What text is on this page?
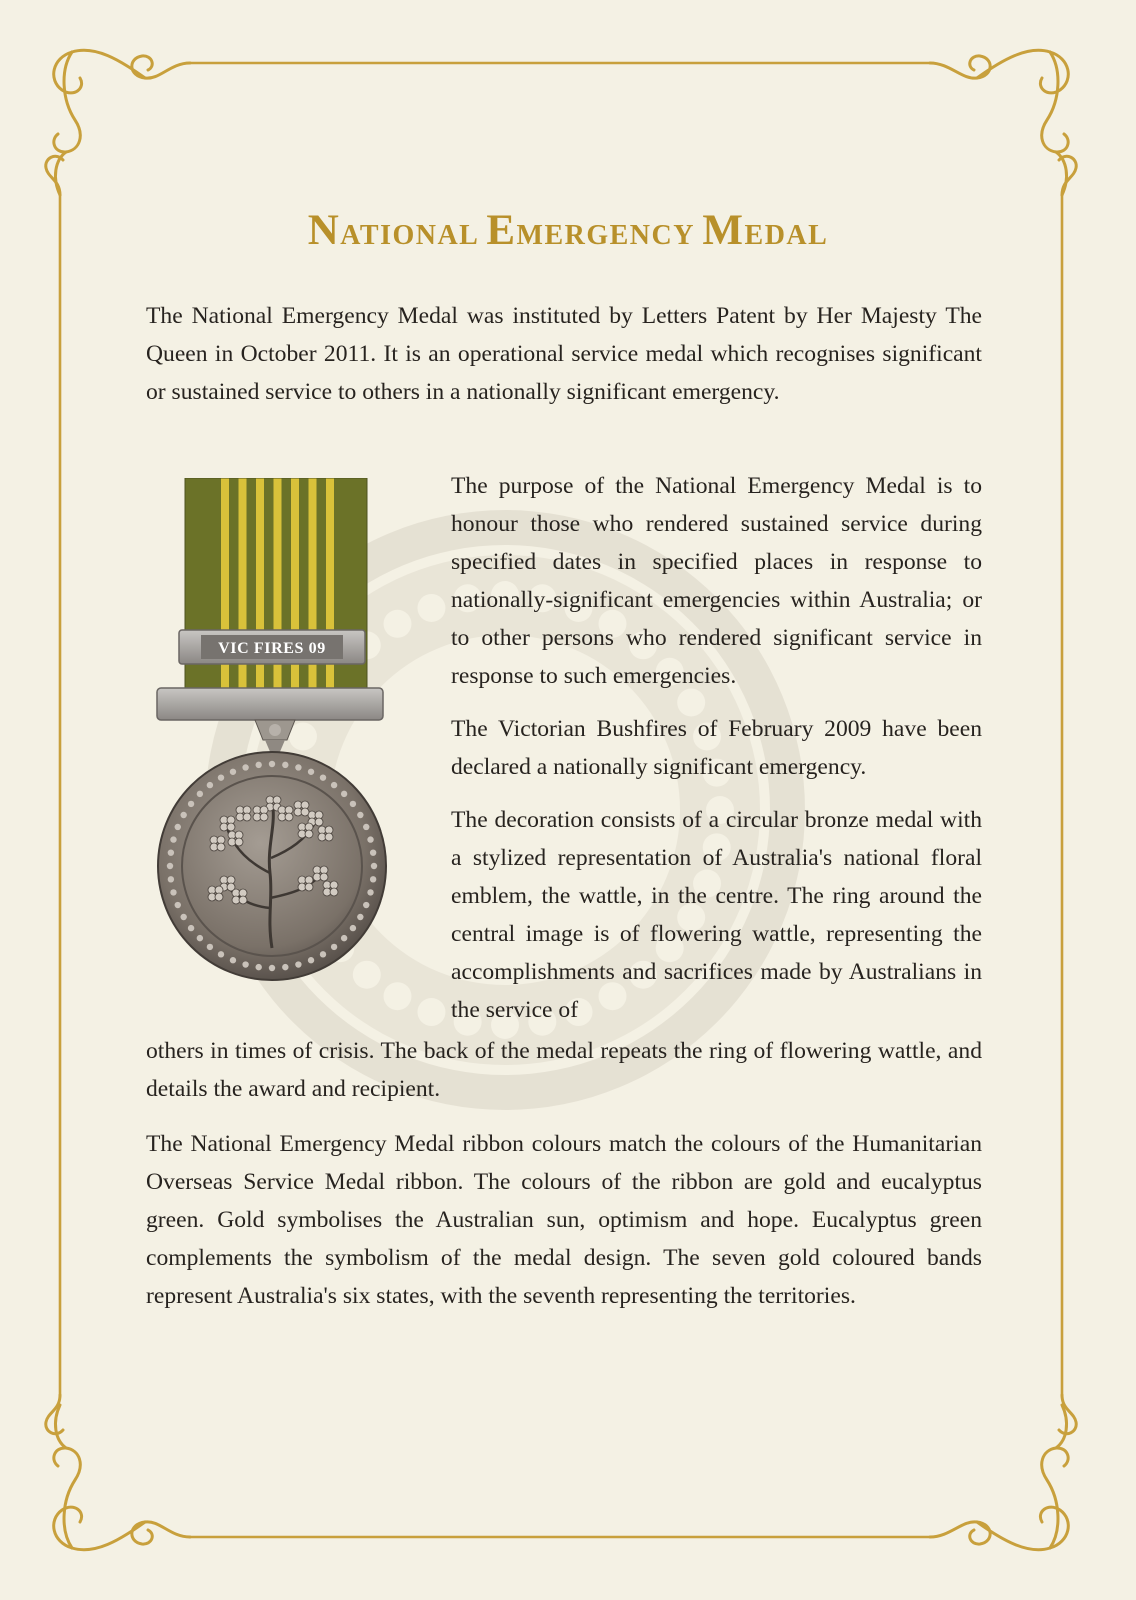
NATIONAL EMERGENCY MEDAL
The National Emergency Medal was instituted by Letters Patent by Her Majesty The Queen in October 2011. It is an operational service medal which recognises significant or sustained service to others in a nationally significant emergency.
VIC FIRES 09

The purpose of the National Emergency Medal is to honour those who rendered sustained service during specified dates in specified places in response to nationally-significant emergencies within Australia; or to other persons who rendered significant service in response to such emergencies.

The Victorian Bushfires of February 2009 have been declared a nationally significant emergency.

The decoration consists of a circular bronze medal with a stylized representation of Australia's national floral emblem, the wattle, in the centre. The ring around the central image is of flowering wattle, representing the accomplishments and sacrifices made by Australians in the service of

others in times of crisis. The back of the medal repeats the ring of flowering wattle, and details the award and recipient.
The National Emergency Medal ribbon colours match the colours of the Humanitarian Overseas Service Medal ribbon. The colours of the ribbon are gold and eucalyptus green. Gold symbolises the Australian sun, optimism and hope. Eucalyptus green complements the symbolism of the medal design. The seven gold coloured bands represent Australia's six states, with the seventh representing the territories.
